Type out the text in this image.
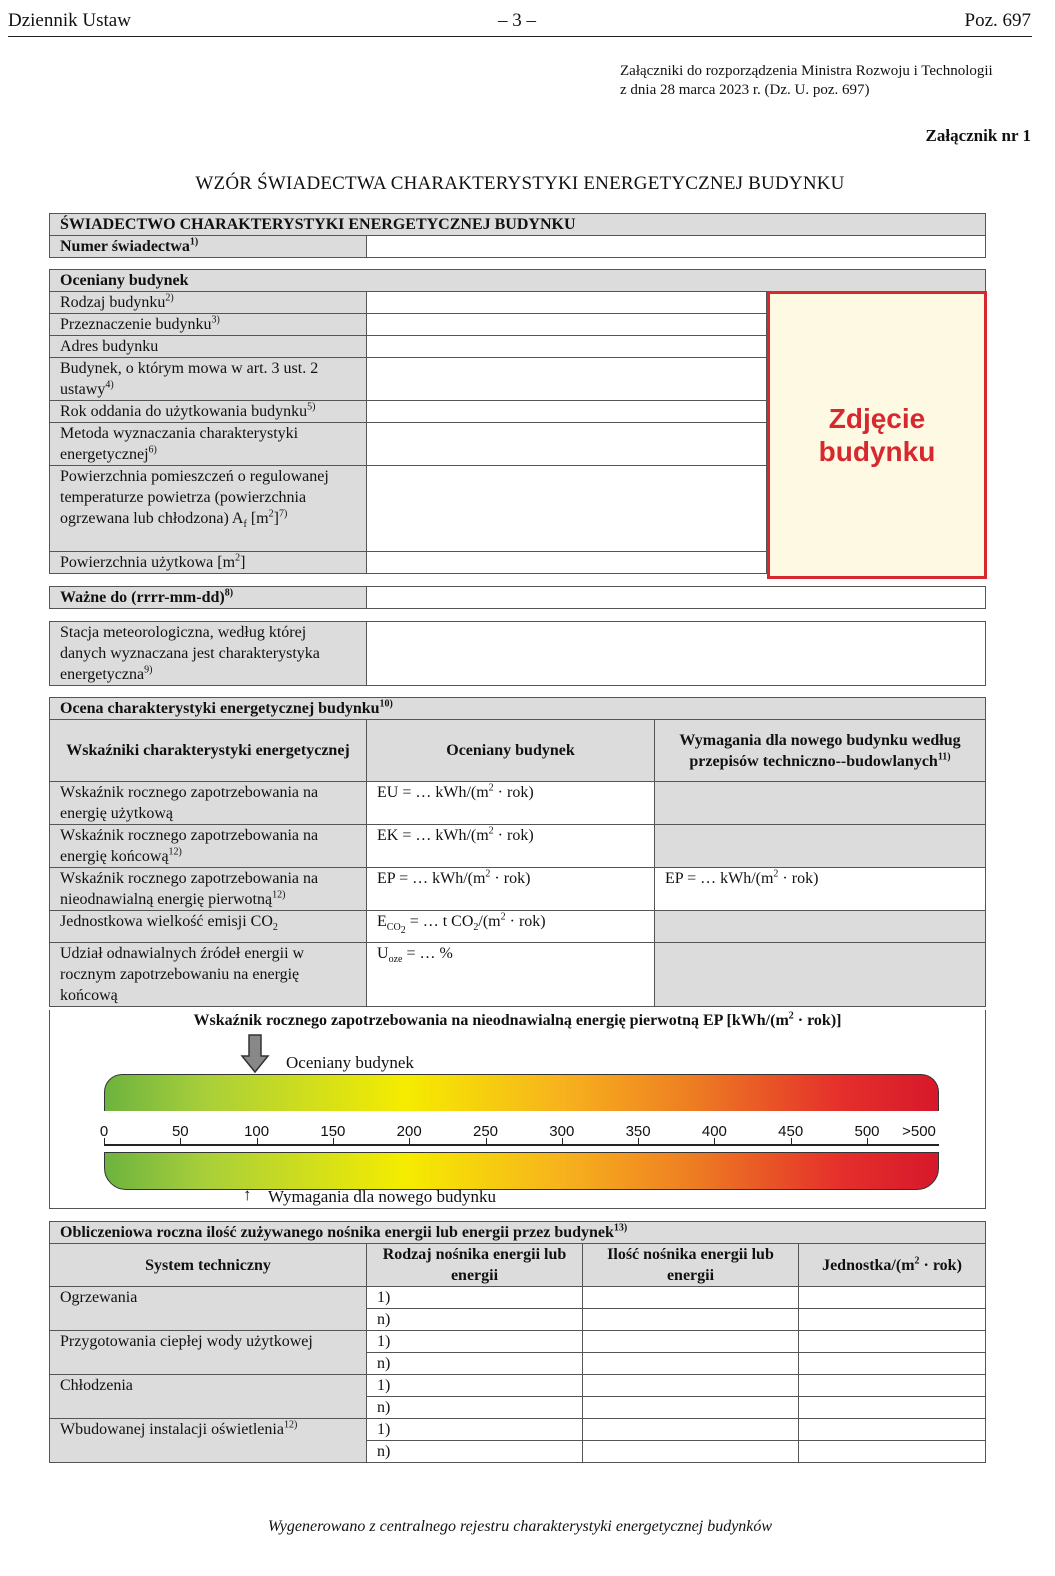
Dziennik Ustaw	– 3 –	Poz. 697
Załączniki do rozporządzenia Ministra Rozwoju i Technologii
z dnia 28 marca 2023 r. (Dz. U. poz. 697)
Załącznik nr 1
WZÓR ŚWIADECTWA CHARAKTERYSTYKI ENERGETYCZNEJ BUDYNKU
ŚWIADECTWO CHARAKTERYSTYKI ENERGETYCZNEJ BUDYNKU
Numer świadectwa$^{1)}$	
Oceniany budynek		
Rodzaj budynku$^{2)}$		
Przeznaczenie budynku$^{3)}$	
Adres budynku		
Budynek, o którym mowa w art. 3 ust. 2 ustawy$^{4)}$	
Rok oddania do użytkowania budynku$^{5)}$	
Metoda wyznaczania charakterystyki energetycznej$^{6)}$	
Powierzchnia pomieszczeń o regulowanej temperaturze powietrza (powierzchnia ogrzewana lub chłodzona) $A_f$ $[m^2]^{7)}$	
Powierzchnia użytkowa $[m^2]$		
Zdjęcie
budynku
Ważne do (rrrr-mm-dd)$^{8)}$	
Stacja meteorologiczna, według której danych wyznaczana jest charakterystyka energetyczna$^{9)}$	
Ocena charakterystyki energetycznej budynku$^{10)}$
Wskaźniki charakterystyki energetycznej	Oceniany budynek	Wymagania dla nowego budynku według przepisów techniczno--budowlanych$^{11)}$
Wskaźnik rocznego zapotrzebowania na energię użytkową	EU = … kWh/$(m^2 \cdot rok)$	
Wskaźnik rocznego zapotrzebowania na energię końcową$^{12)}$	EK = … kWh/$(m^2 \cdot rok)$	
Wskaźnik rocznego zapotrzebowania na nieodnawialną energię pierwotną$^{12)}$	EP = … kWh/$(m^2 \cdot rok)$	EP = … kWh/$(m^2 \cdot rok)$
Jednostkowa wielkość emisji $CO_2$	$E_{CO_2}$ = … t $CO_2/(m^2 \cdot rok)$	
Udział odnawialnych źródeł energii w rocznym zapotrzebowaniu na energię końcową	$U_{oze}$ = … %	
Wskaźnik rocznego zapotrzebowania na nieodnawialną energię pierwotną EP $[kWh/(m^2 \cdot rok)]$
Oceniany budynek
↑ Wymagania dla nowego budynku
0	50	100	150	200	250	300	350	400	450	500 >500
Obliczeniowa roczna ilość zużywanego nośnika energii lub energii przez budynek$^{13)}$
System techniczny	Rodzaj nośnika energii lub energii	Ilość nośnika energii lub energii	Jednostka/$(m^2 \cdot rok)$
Ogrzewania	1)		
	n)		
Przygotowania ciepłej wody użytkowej	1)		
	n)		
Chłodzenia	1)		
	n)		
Wbudowanej instalacji oświetlenia$^{12)}$	1)		
	n)		
Wygenerowano z centralnego rejestru charakterystyki energetycznej budynków
